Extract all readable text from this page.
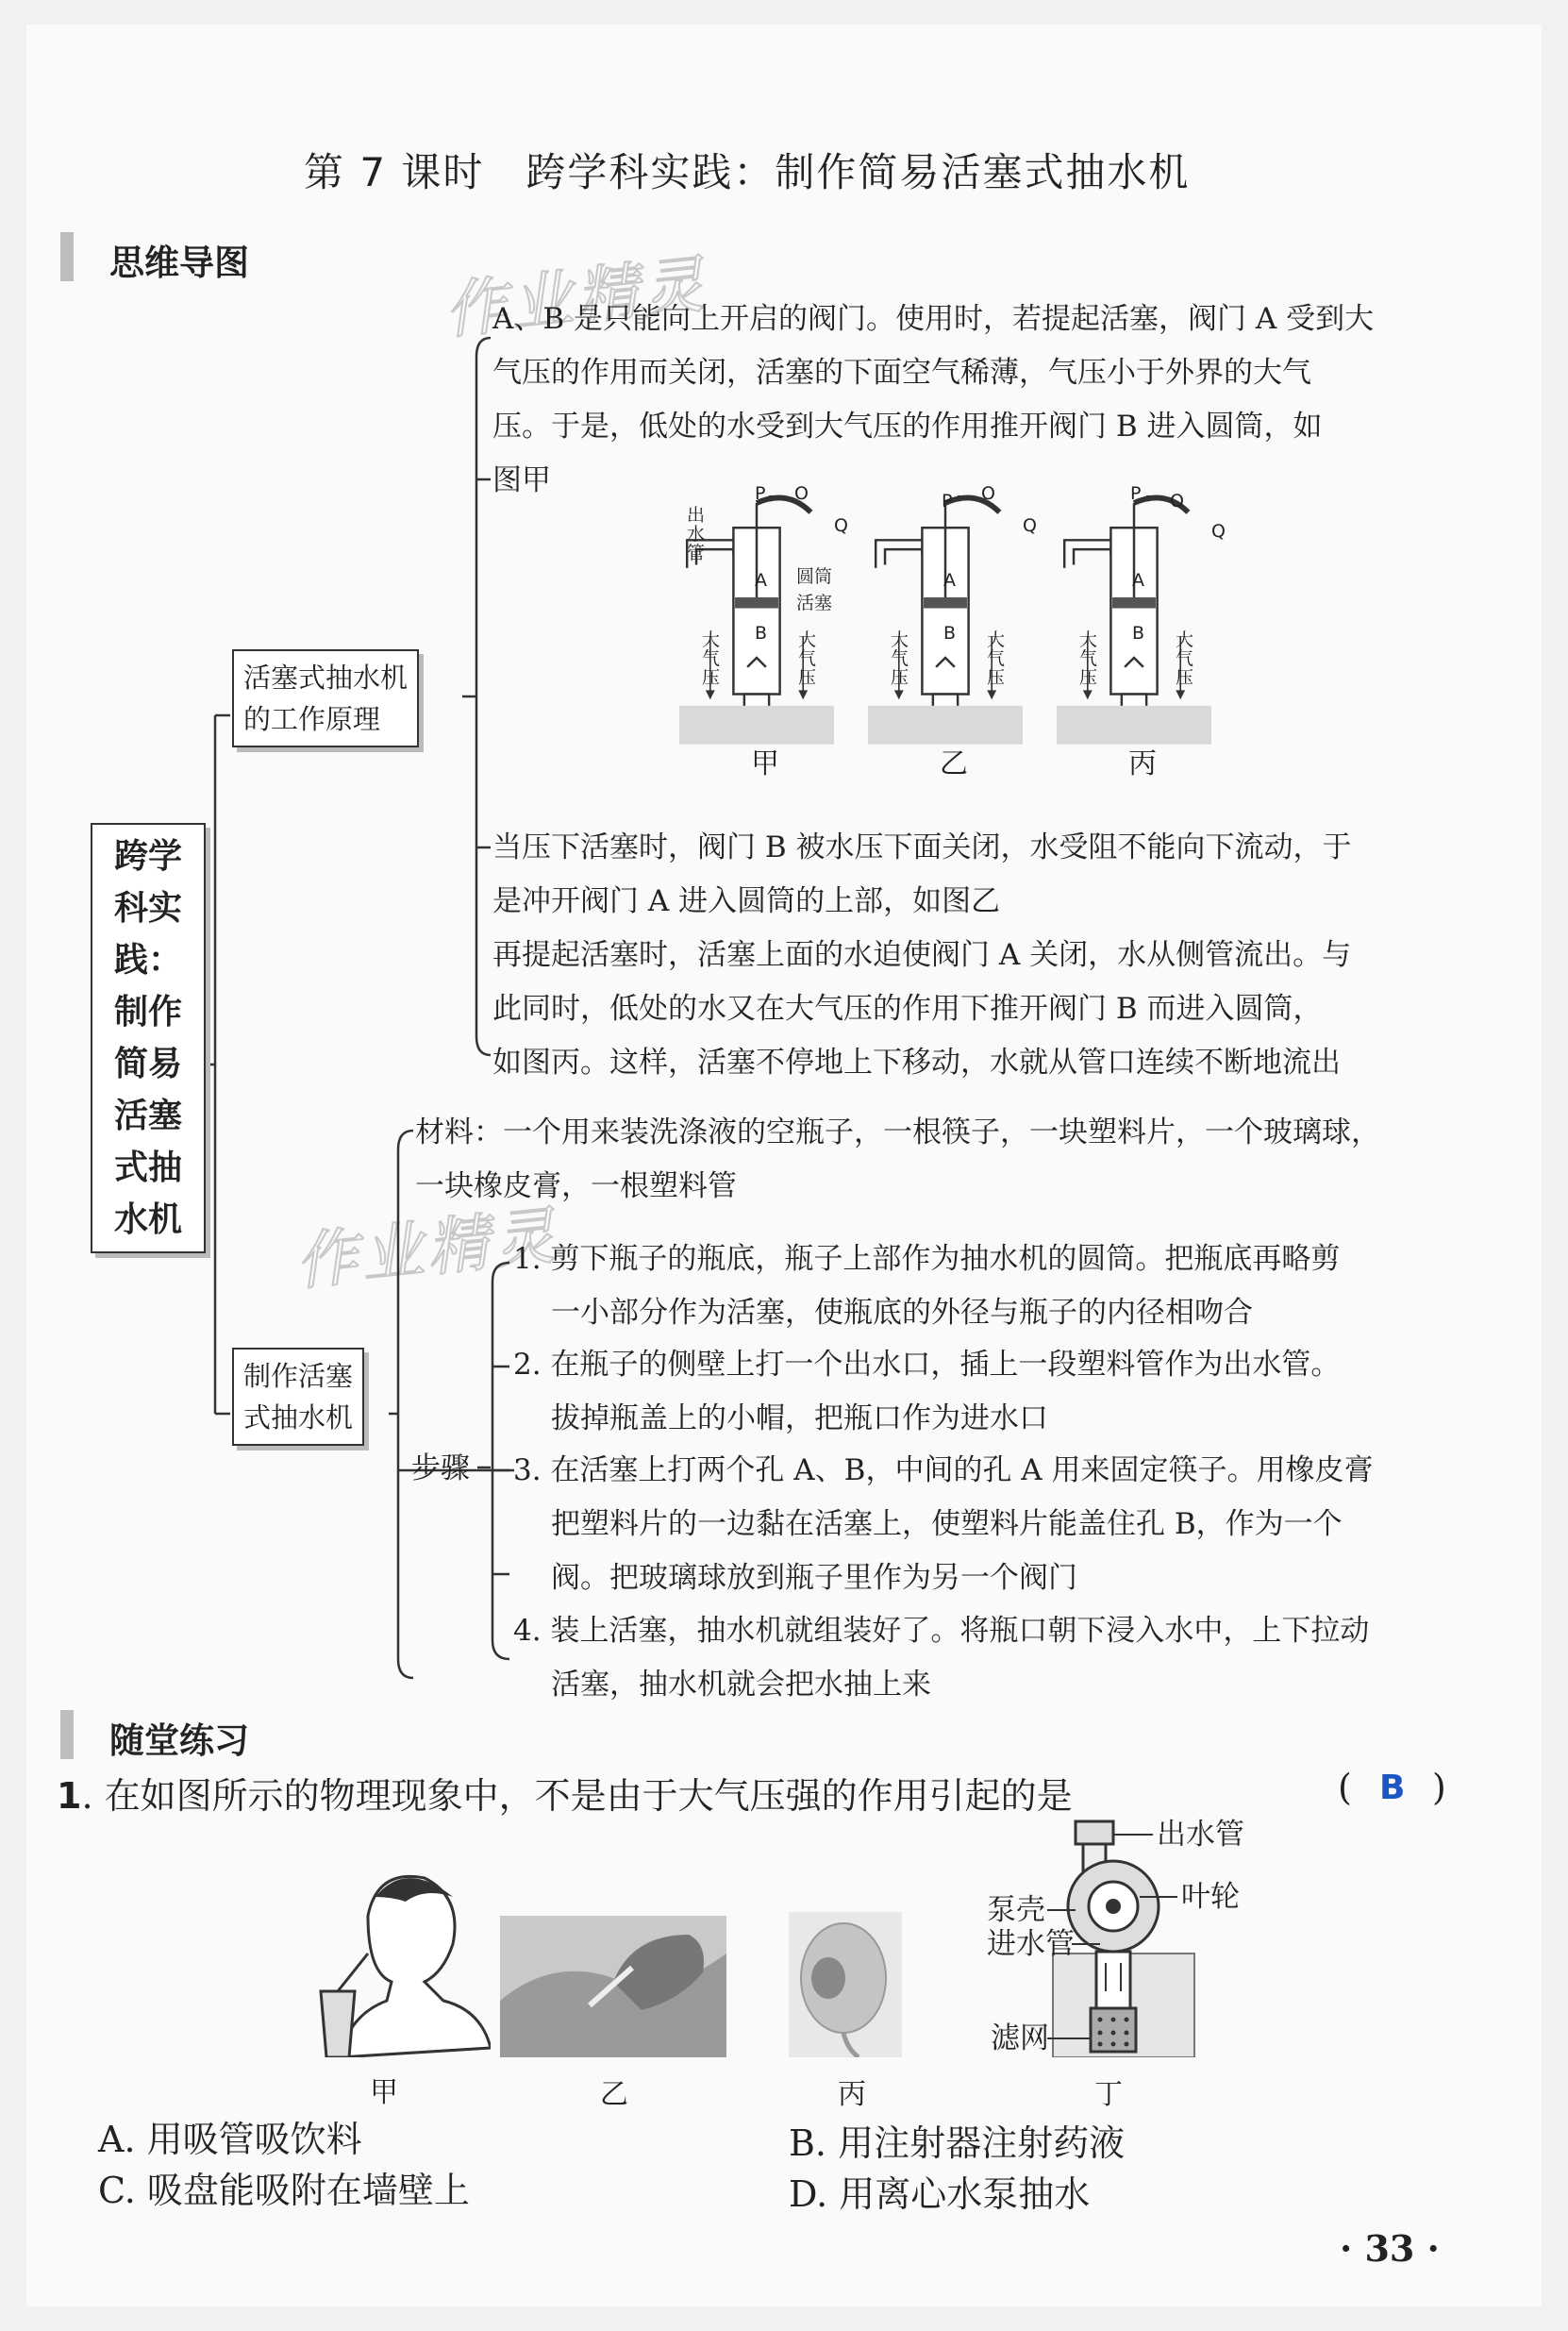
第 7 课时　跨学科实践：制作简易活塞式抽水机
思维导图	作业精灵
作业精灵
跨学
科实
践：
制作
简易
活塞
式抽
水机
活塞式抽水机
的工作原理
A、B 是只能向上开启的阀门。使用时，若提起活塞，阀门 A 受到大
气压的作用而关闭，活塞的下面空气稀薄，气压小于外界的大气
压。于是，低处的水受到大气压的作用推开阀门 B 进入圆筒，如
图甲	P O
Q
P O
Q
P O
Q
出水管
圆筒
活塞
A
B
A
B
A
B
大气压
大气压
大气压
大气压
大气压
大气压
甲	乙	丙
当压下活塞时，阀门 B 被水压下面关闭，水受阻不能向下流动，于
是冲开阀门 A 进入圆筒的上部，如图乙
再提起活塞时，活塞上面的水迫使阀门 A 关闭，水从侧管流出。与
此同时，低处的水又在大气压的作用下推开阀门 B 而进入圆筒，
如图丙。这样，活塞不停地上下移动，水就从管口连续不断地流出
制作活塞
式抽水机
材料：一个用来装洗涤液的空瓶子，一根筷子，一块塑料片，一个玻璃球，
一块橡皮膏，一根塑料管
步骤
1. 剪下瓶子的瓶底，瓶子上部作为抽水机的圆筒。把瓶底再略剪
一小部分作为活塞，使瓶底的外径与瓶子的内径相吻合
2. 在瓶子的侧壁上打一个出水口，插上一段塑料管作为出水管。
拔掉瓶盖上的小帽，把瓶口作为进水口
3. 在活塞上打两个孔 A、B，中间的孔 A 用来固定筷子。用橡皮膏
把塑料片的一边黏在活塞上，使塑料片能盖住孔 B，作为一个
阀。把玻璃球放到瓶子里作为另一个阀门
4. 装上活塞，抽水机就组装好了。将瓶口朝下浸入水中，上下拉动
活塞，抽水机就会把水抽上来
随堂练习
1. 在如图所示的物理现象中，不是由于大气压强的作用引起的是	( B )
出水管
叶轮
泵壳
进水管
滤网
甲	乙	丙	丁
A. 用吸管吸饮料	B. 用注射器注射药液
C. 吸盘能吸附在墙壁上	D. 用离心水泵抽水
· 33 ·
